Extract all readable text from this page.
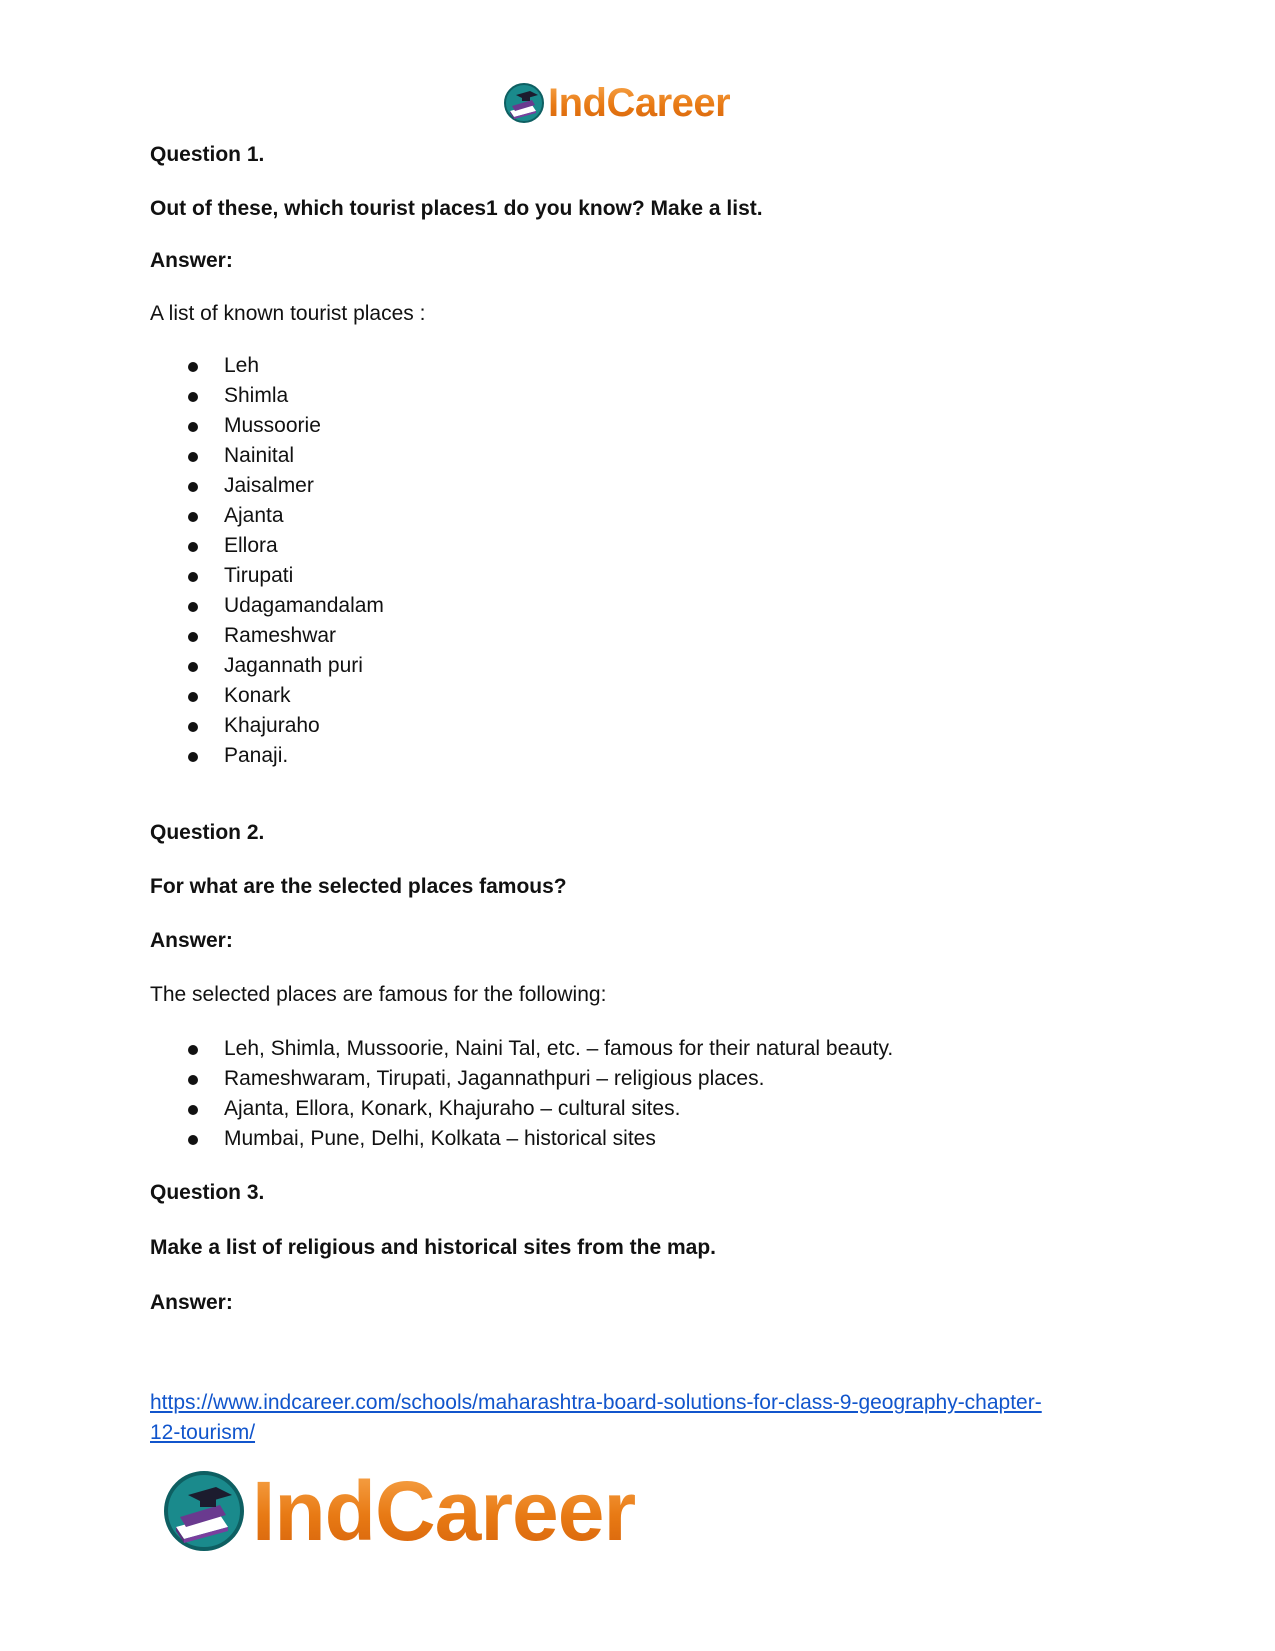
IndCareer
Question 1.
Out of these, which tourist places1 do you know? Make a list.
Answer:
A list of known tourist places :
Leh
Shimla
Mussoorie
Nainital
Jaisalmer
Ajanta
Ellora
Tirupati
Udagamandalam
Rameshwar
Jagannath puri
Konark
Khajuraho
Panaji.
Question 2.
For what are the selected places famous?
Answer:
The selected places are famous for the following:
Leh, Shimla, Mussoorie, Naini Tal, etc. – famous for their natural beauty.
Rameshwaram, Tirupati, Jagannathpuri – religious places.
Ajanta, Ellora, Konark, Khajuraho – cultural sites.
Mumbai, Pune, Delhi, Kolkata – historical sites
Question 3.
Make a list of religious and historical sites from the map.
Answer:
https://www.indcareer.com/schools/maharashtra-board-solutions-for-class-9-geography-chapter-
12-tourism/
IndCareer
